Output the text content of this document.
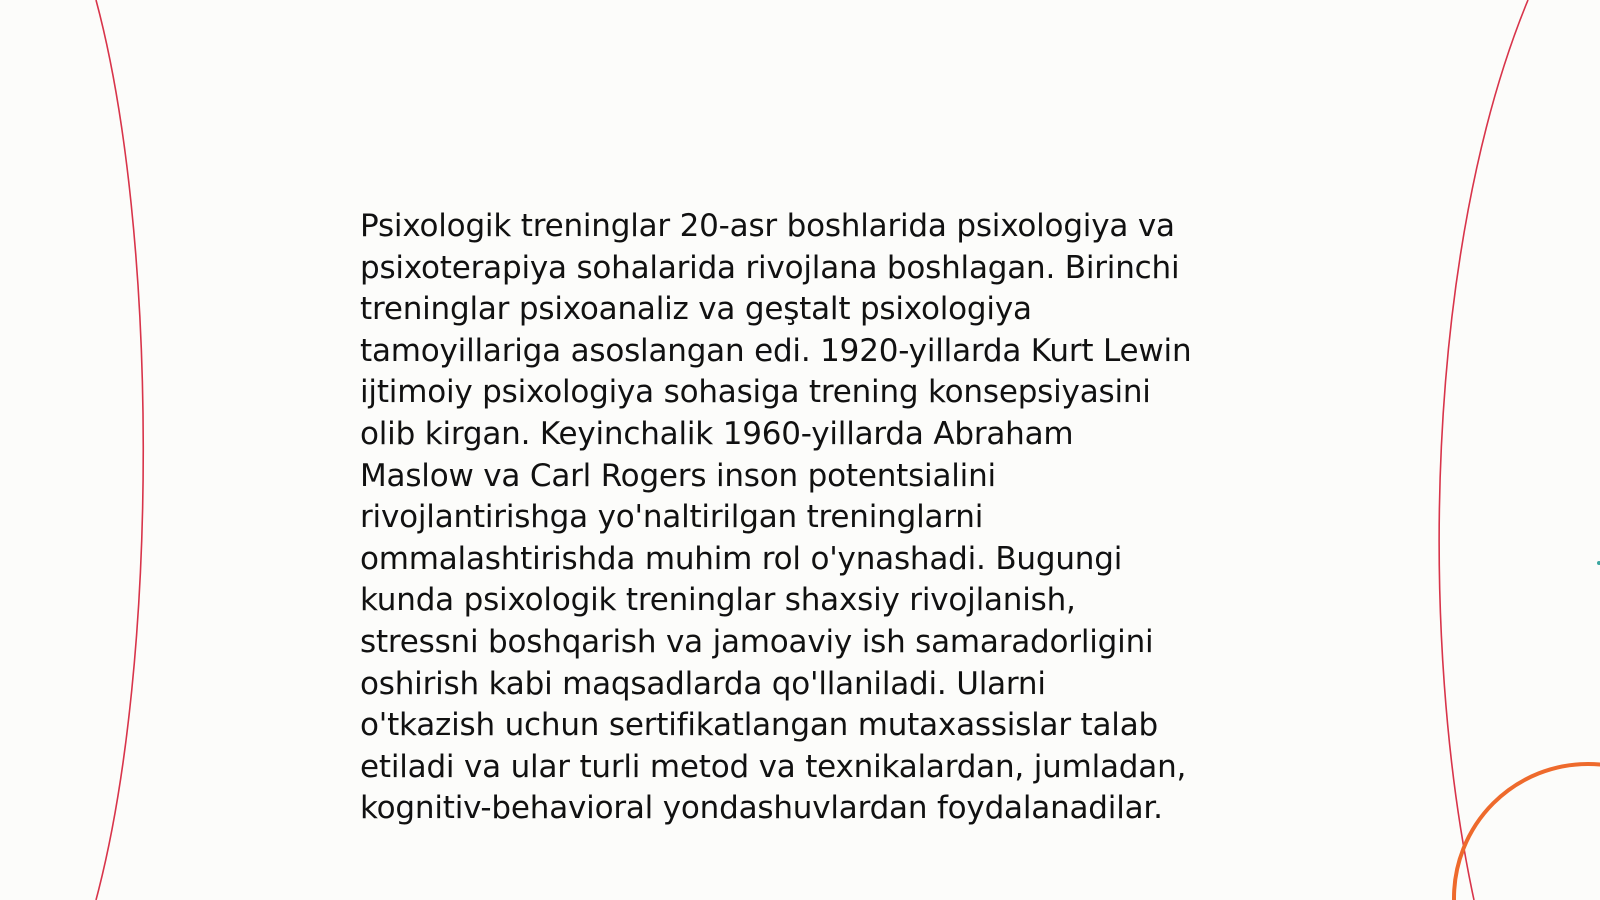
Psixologik treninglar 20-asr boshlarida psixologiya va
psixoterapiya sohalarida rivojlana boshlagan. Birinchi
treninglar psixoanaliz va geştalt psixologiya
tamoyillariga asoslangan edi. 1920-yillarda Kurt Lewin
ijtimoiy psixologiya sohasiga trening konsepsiyasini
olib kirgan. Keyinchalik 1960-yillarda Abraham
Maslow va Carl Rogers inson potentsialini
rivojlantirishga yo'naltirilgan treninglarni
ommalashtirishda muhim rol o'ynashadi. Bugungi
kunda psixologik treninglar shaxsiy rivojlanish,
stressni boshqarish va jamoaviy ish samaradorligini
oshirish kabi maqsadlarda qo'llaniladi. Ularni
o'tkazish uchun sertifikatlangan mutaxassislar talab
etiladi va ular turli metod va texnikalardan, jumladan,
kognitiv-behavioral yondashuvlardan foydalanadilar.
